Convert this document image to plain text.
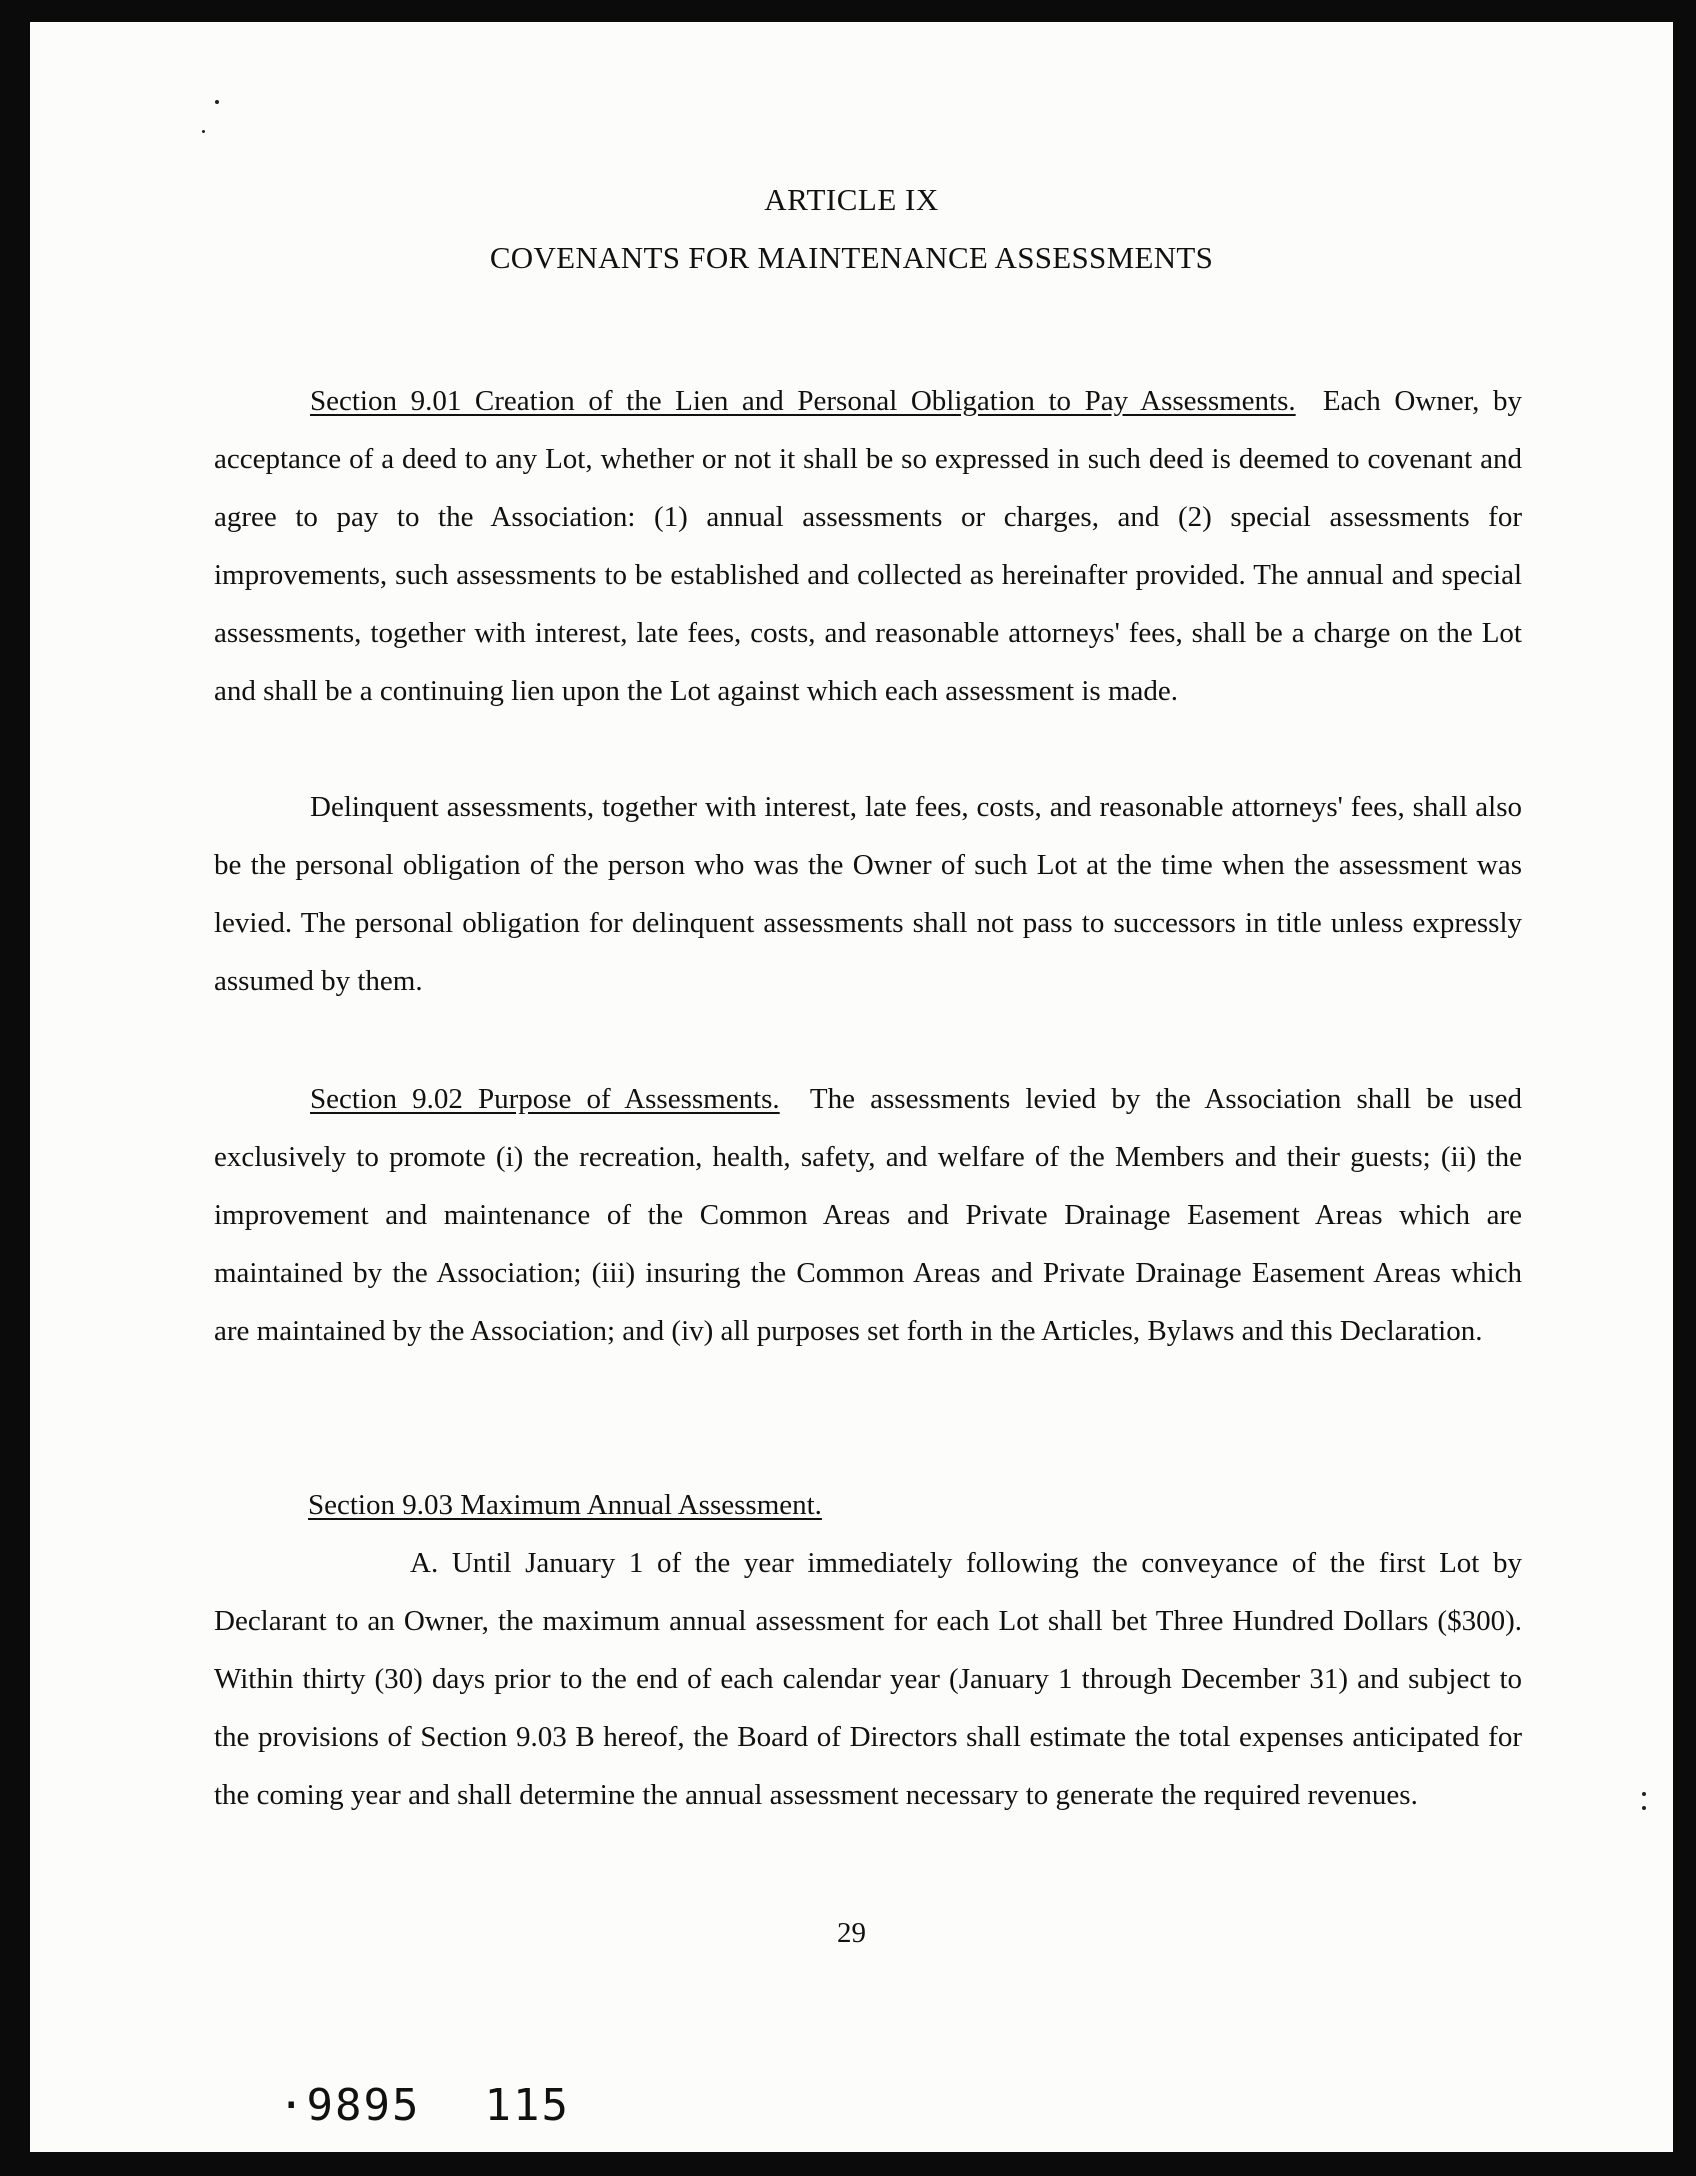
ARTICLE IX
COVENANTS FOR MAINTENANCE ASSESSMENTS

Section 9.01 Creation of the Lien and Personal Obligation to Pay Assessments. Each Owner, by acceptance of a deed to any Lot, whether or not it shall be so expressed in such deed is deemed to covenant and agree to pay to the Association: (1) annual assessments or charges, and (2) special assessments for improvements, such assessments to be established and collected as hereinafter provided. The annual and special assessments, together with interest, late fees, costs, and reasonable attorneys' fees, shall be a charge on the Lot and shall be a continuing lien upon the Lot against which each assessment is made.

Delinquent assessments, together with interest, late fees, costs, and reasonable attorneys' fees, shall also be the personal obligation of the person who was the Owner of such Lot at the time when the assessment was levied. The personal obligation for delinquent assessments shall not pass to successors in title unless expressly assumed by them.

Section 9.02 Purpose of Assessments. The assessments levied by the Association shall be used exclusively to promote (i) the recreation, health, safety, and welfare of the Members and their guests; (ii) the improvement and maintenance of the Common Areas and Private Drainage Easement Areas which are maintained by the Association; (iii) insuring the Common Areas and Private Drainage Easement Areas which are maintained by the Association; and (iv) all purposes set forth in the Articles, Bylaws and this Declaration.

Section 9.03 Maximum Annual Assessment.

A. Until January 1 of the year immediately following the conveyance of the first Lot by Declarant to an Owner, the maximum annual assessment for each Lot shall bet Three Hundred Dollars ($300). Within thirty (30) days prior to the end of each calendar year (January 1 through December 31) and subject to the provisions of Section 9.03 B hereof, the Board of Directors shall estimate the total expenses anticipated for the coming year and shall determine the annual assessment necessary to generate the required revenues.

29
·9895 115
